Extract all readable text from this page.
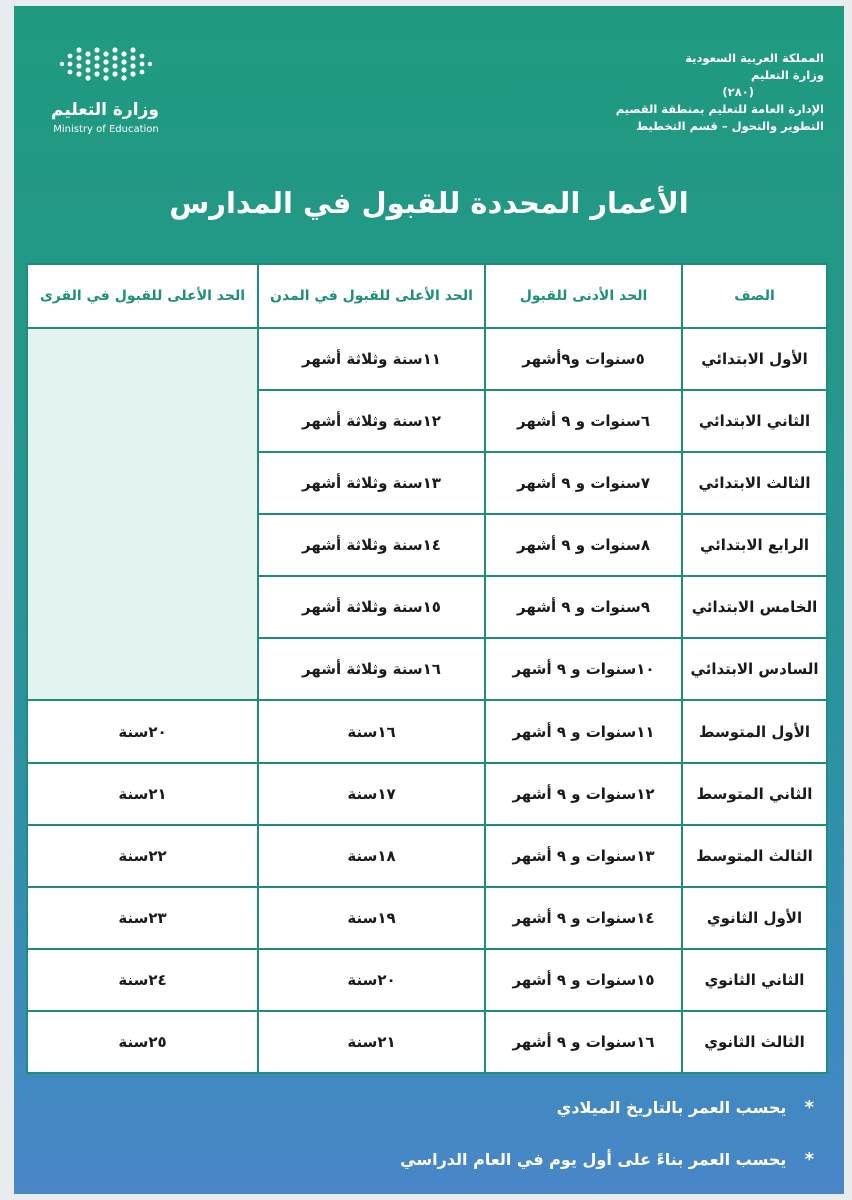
وزارة التعليم
Ministry of Education
المملكة العربية السعودية
وزارة التعليم
(٢٨٠)
الإدارة العامة للتعليم بمنطقة القصيم
التطوير والتحول – قسم التخطيط
الأعمار المحددة للقبول في المدارس
الصف	الحد الأدنى للقبول	الحد الأعلى للقبول في المدن	الحد الأعلى للقبول في القرى
الأول الابتدائي	٥سنوات و٩أشهر	١١سنة وثلاثة أشهر	
الثاني الابتدائي	٦سنوات و ٩ أشهر	١٢سنة وثلاثة أشهر	
الثالث الابتدائي	٧سنوات و ٩ أشهر	١٣سنة وثلاثة أشهر	
الرابع الابتدائي	٨سنوات و ٩ أشهر	١٤سنة وثلاثة أشهر	
الخامس الابتدائي	٩سنوات و ٩ أشهر	١٥سنة وثلاثة أشهر	
السادس الابتدائي	١٠سنوات و ٩ أشهر	١٦سنة وثلاثة أشهر	
الأول المتوسط	١١سنوات و ٩ أشهر	١٦سنة	٢٠سنة
الثاني المتوسط	١٢سنوات و ٩ أشهر	١٧سنة	٢١سنة
الثالث المتوسط	١٣سنوات و ٩ أشهر	١٨سنة	٢٢سنة
الأول الثانوي	١٤سنوات و ٩ أشهر	١٩سنة	٢٣سنة
الثاني الثانوي	١٥سنوات و ٩ أشهر	٢٠سنة	٢٤سنة
الثالث الثانوي	١٦سنوات و ٩ أشهر	٢١سنة	٢٥سنة
* يحسب العمر بالتاريخ الميلادي
* يحسب العمر بناءً على أول يوم في العام الدراسي
